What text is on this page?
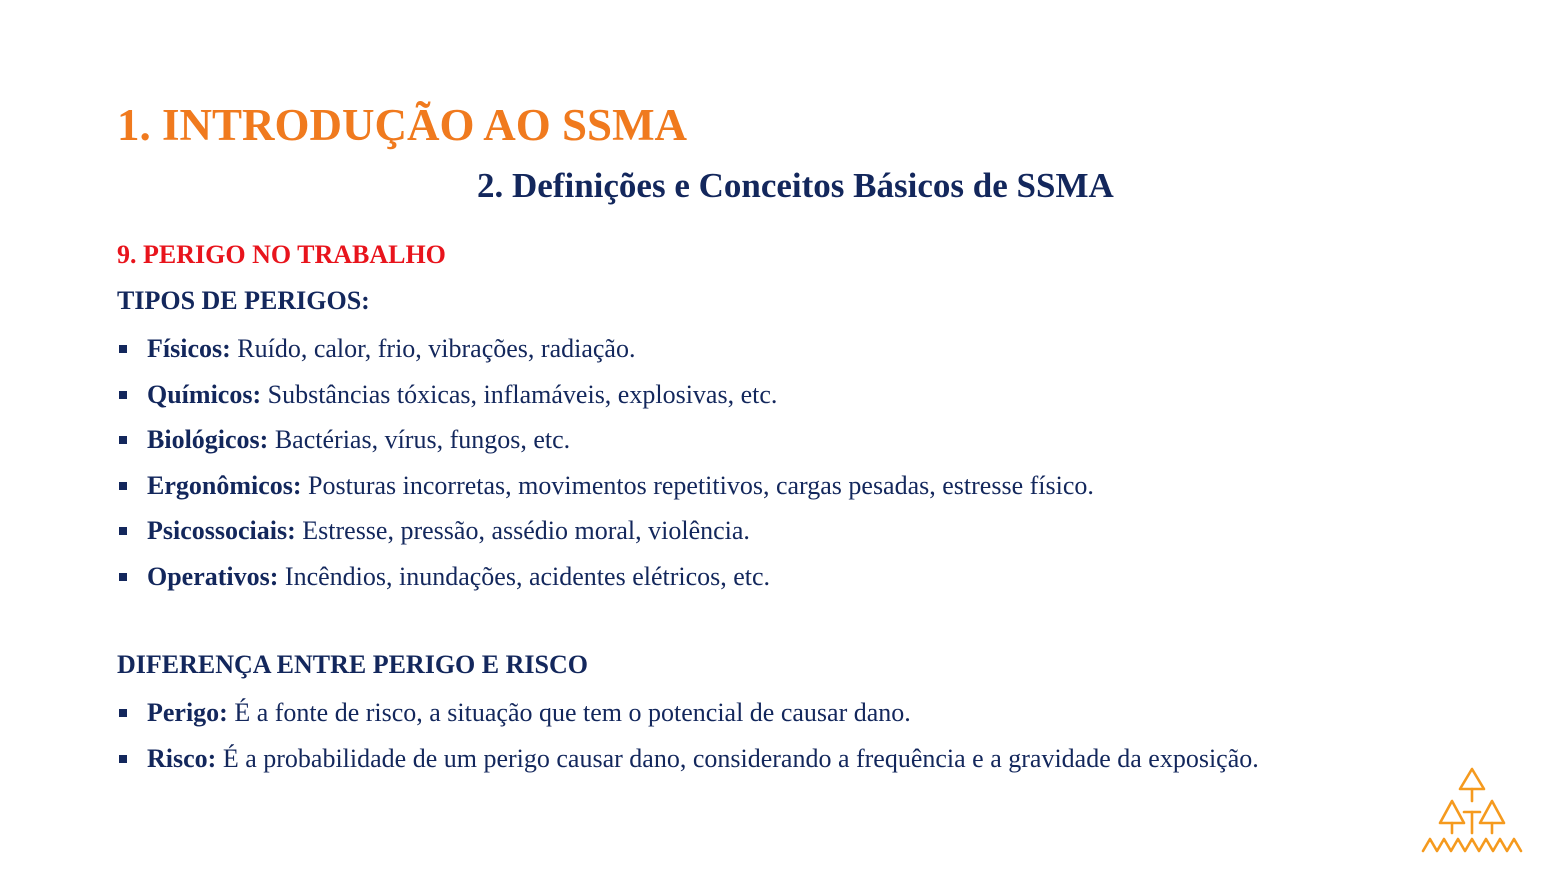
1. INTRODUÇÃO AO SSMA
2. Definições e Conceitos Básicos de SSMA
9. PERIGO NO TRABALHO
TIPOS DE PERIGOS:
Físicos: Ruído, calor, frio, vibrações, radiação.
Químicos: Substâncias tóxicas, inflamáveis, explosivas, etc.
Biológicos: Bactérias, vírus, fungos, etc.
Ergonômicos: Posturas incorretas, movimentos repetitivos, cargas pesadas, estresse físico.
Psicossociais: Estresse, pressão, assédio moral, violência.
Operativos: Incêndios, inundações, acidentes elétricos, etc.
DIFERENÇA ENTRE PERIGO E RISCO
Perigo: É a fonte de risco, a situação que tem o potencial de causar dano.
Risco: É a probabilidade de um perigo causar dano, considerando a frequência e a gravidade da exposição.
